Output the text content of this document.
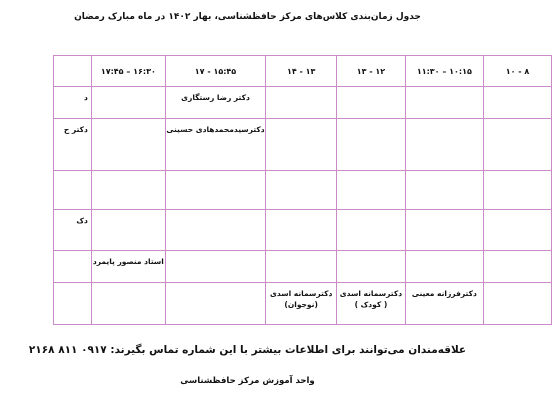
جدول زمان‌بندی کلاس‌های مرکز حافظشناسی، بهار ۱۴۰۲ در ماه مبارک رمضان
۸ - ۱۰	۱۰:۱۵ – ۱۱:۳۰	۱۲ - ۱۳	۱۳ - ۱۴	۱۵:۴۵ - ۱۷	۱۶:۳۰ – ۱۷:۴۵	

				دکتر رضا رستگاری		د

				دکترسیدمحمدهادی حسینی		دکتر ح

						دک

					استاد منصور پایمرد	

	دکترفرزانه معینی	دکترسمانه اسدی ( کودک )	دکترسمانه اسدی (نوجوان)			

علاقه‌مندان می‌توانند برای اطلاعات بیشتر با این شماره تماس بگیرند: ۰۹۱۷ ۸۱۱ ۲۱۶۸
واحد آموزش مرکز حافظشناسی
